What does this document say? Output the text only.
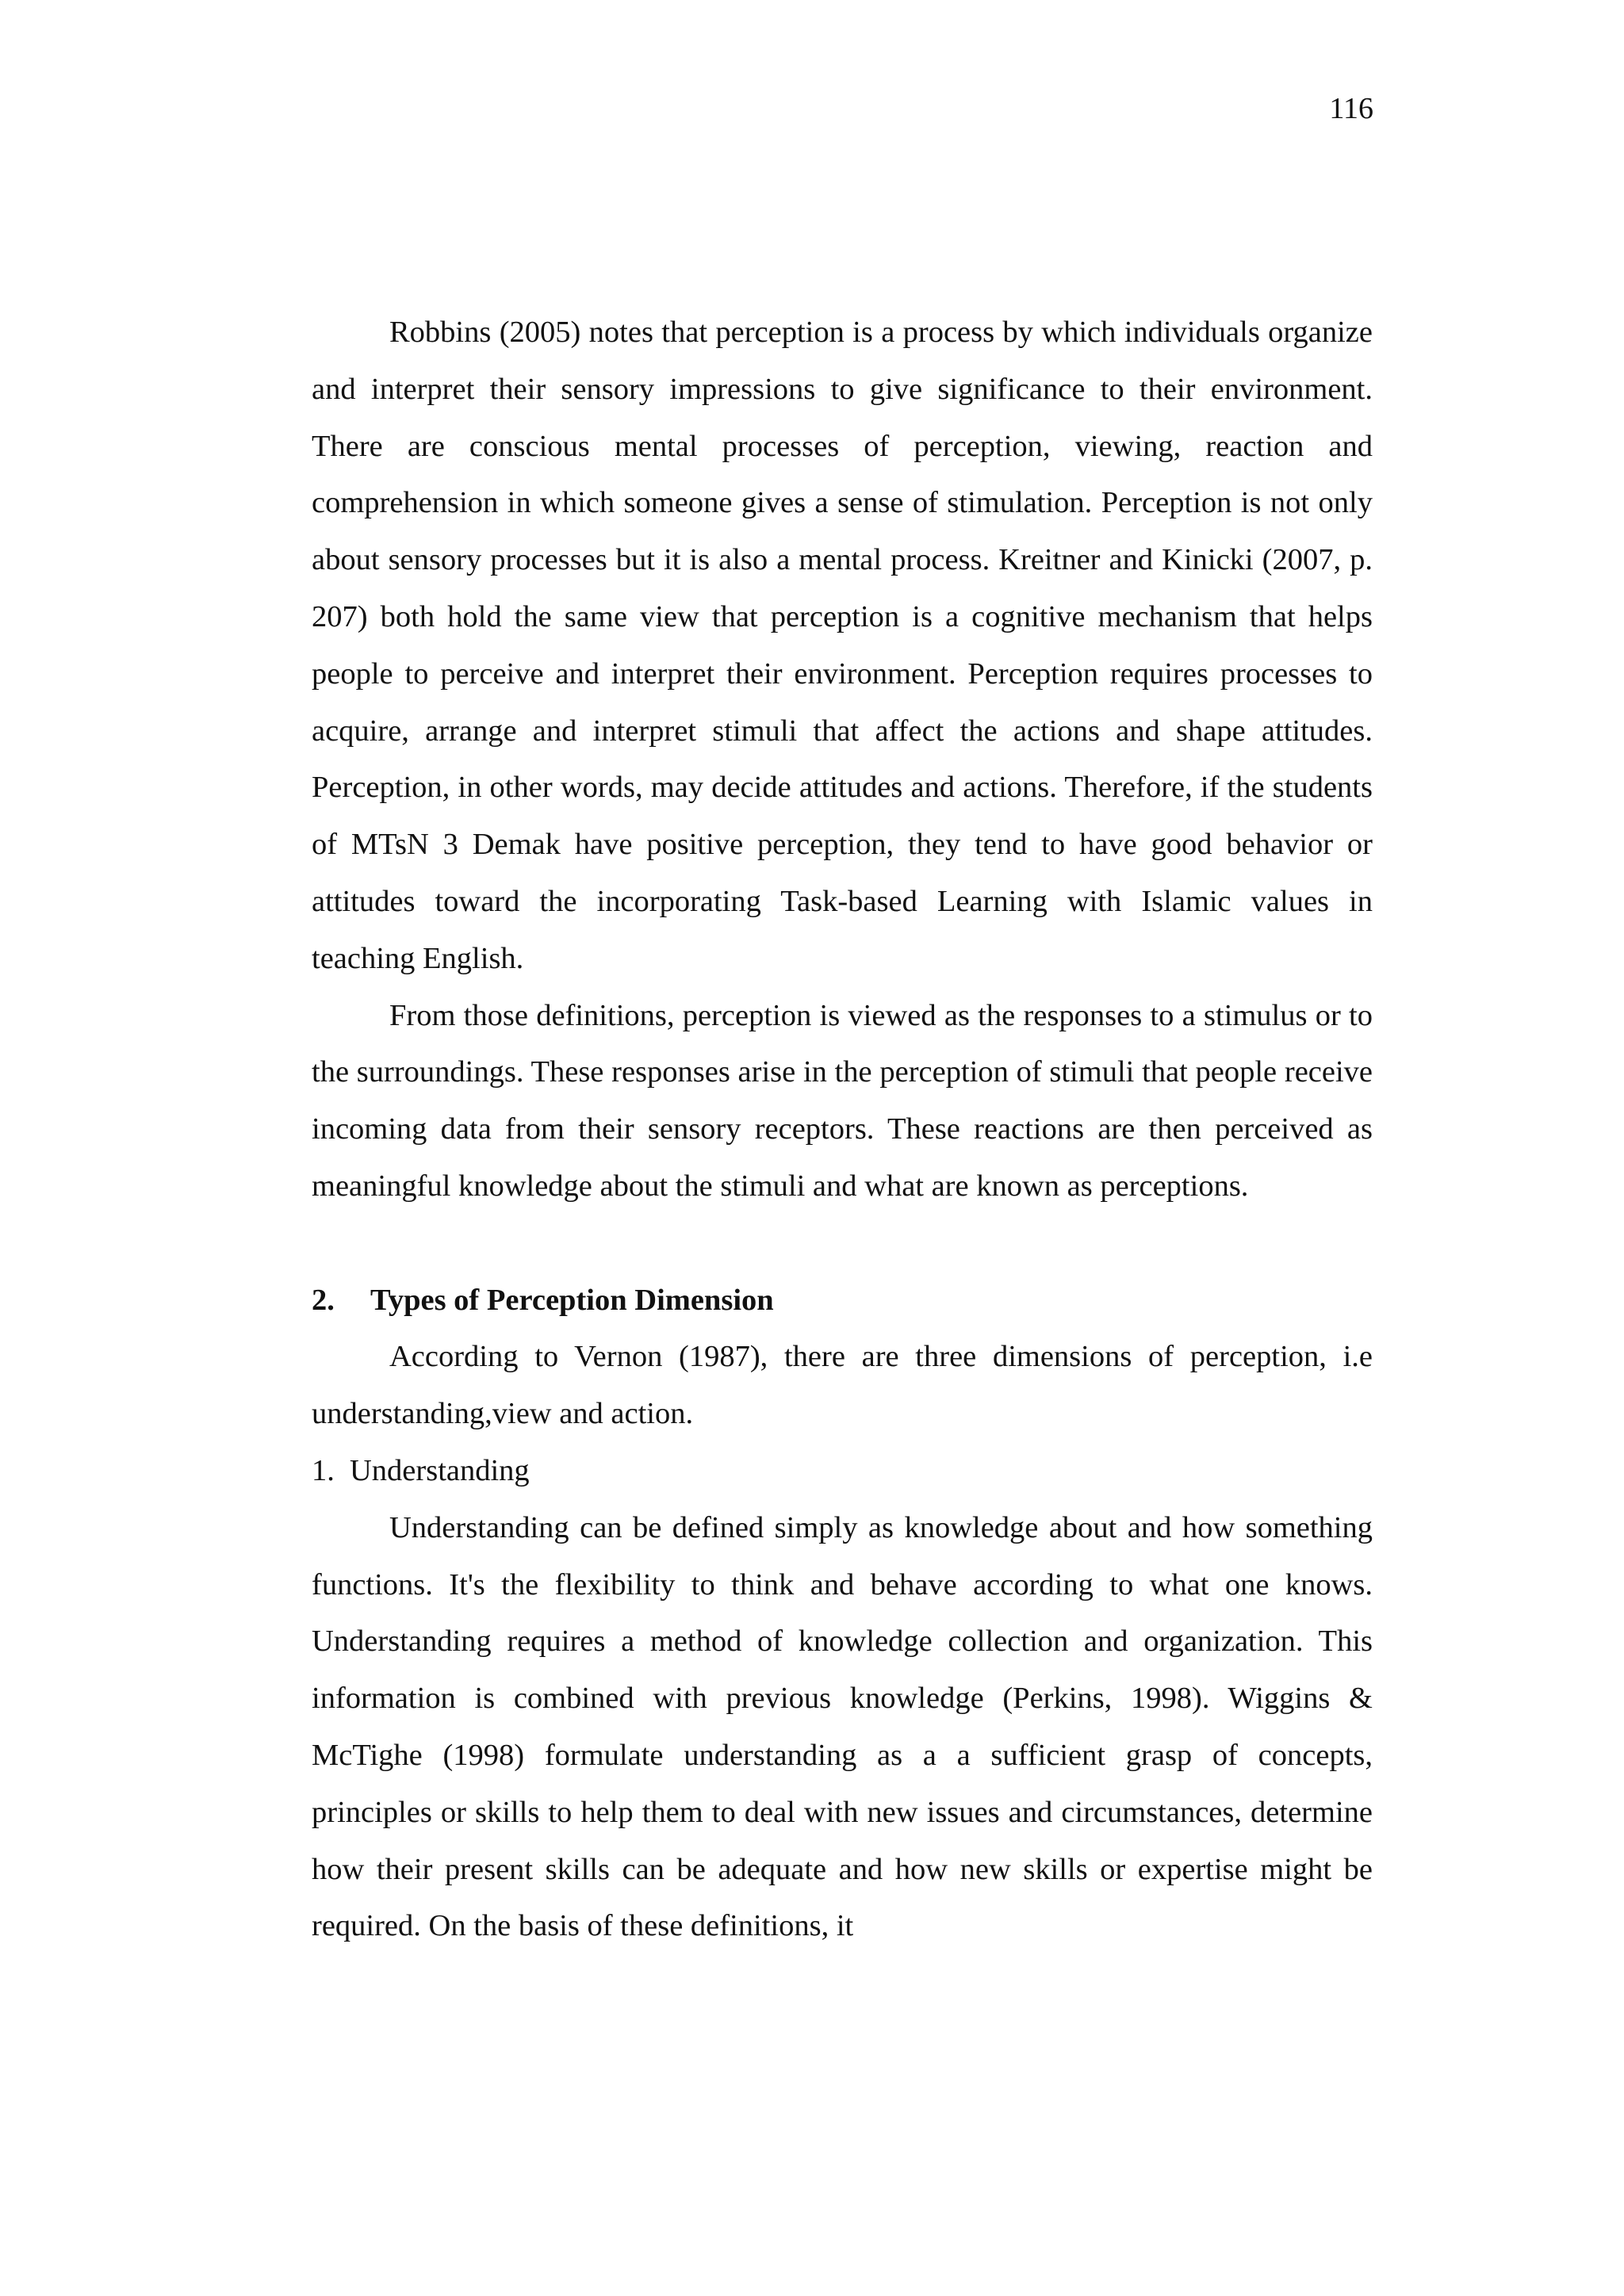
116

Robbins (2005) notes that perception is a process by which individuals organize and interpret their sensory impressions to give significance to their environment. There are conscious mental processes of perception, viewing, reaction and comprehension in which someone gives a sense of stimulation. Perception is not only about sensory processes but it is also a mental process. Kreitner and Kinicki (2007, p. 207) both hold the same view that perception is a cognitive mechanism that helps people to perceive and interpret their environment. Perception requires processes to acquire, arrange and interpret stimuli that affect the actions and shape attitudes. Perception, in other words, may decide attitudes and actions. Therefore, if the students of MTsN 3 Demak have positive perception, they tend to have good behavior or attitudes toward the incorporating Task-based Learning with Islamic values in teaching English.

From those definitions, perception is viewed as the responses to a stimulus or to the surroundings. These responses arise in the perception of stimuli that people receive incoming data from their sensory receptors. These reactions are then perceived as meaningful knowledge about the stimuli and what are known as perceptions.

2.	Types of Perception Dimension

According to Vernon (1987), there are three dimensions of perception, i.e understanding,view and action.

1. Understanding

Understanding can be defined simply as knowledge about and how something functions. It's the flexibility to think and behave according to what one knows. Understanding requires a method of knowledge collection and organization. This information is combined with previous knowledge (Perkins, 1998). Wiggins & McTighe (1998) formulate understanding as a a sufficient grasp of concepts, principles or skills to help them to deal with new issues and circumstances, determine how their present skills can be adequate and how new skills or expertise might be required. On the basis of these definitions, it
